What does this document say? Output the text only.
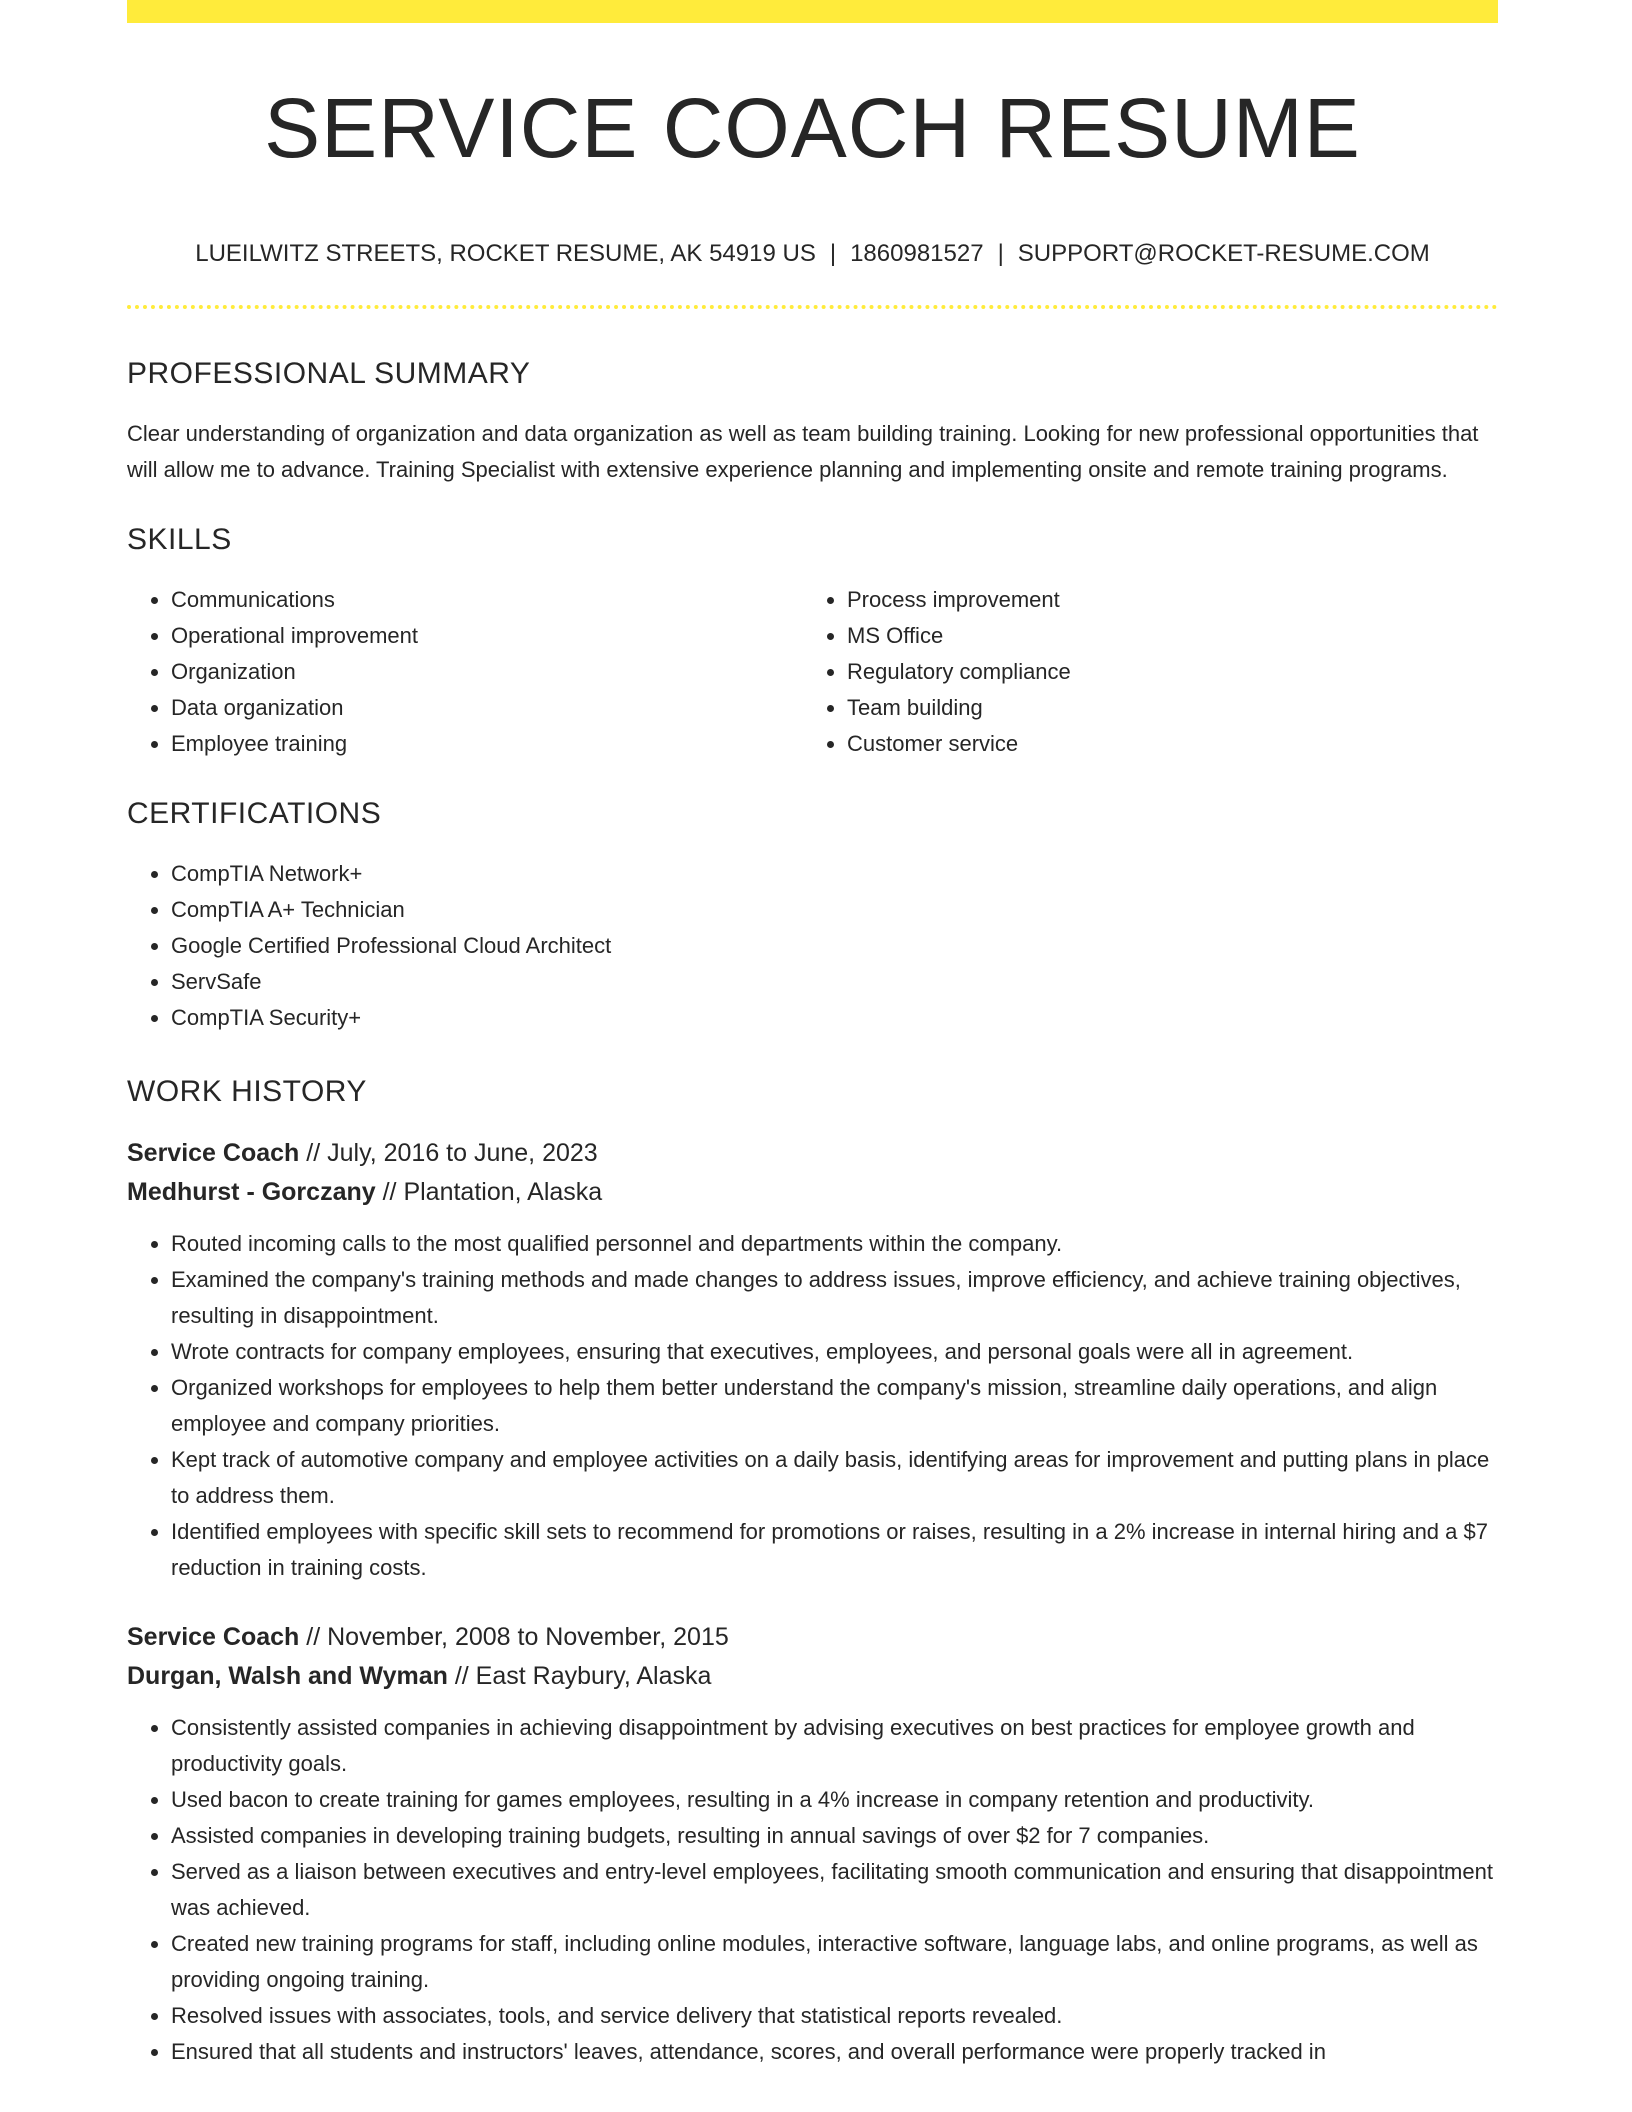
SERVICE COACH RESUME
LUEILWITZ STREETS, ROCKET RESUME, AK 54919 US | 1860981527 | SUPPORT@ROCKET-RESUME.COM
PROFESSIONAL SUMMARY

Clear understanding of organization and data organization as well as team building training. Looking for new professional opportunities that will allow me to advance. Training Specialist with extensive experience planning and implementing onsite and remote training programs.

SKILLS
• Communications
• Operational improvement
• Organization
• Data organization
• Employee training
• Process improvement
• MS Office
• Regulatory compliance
• Team building
• Customer service
CERTIFICATIONS
• CompTIA Network+
• CompTIA A+ Technician
• Google Certified Professional Cloud Architect
• ServSafe
• CompTIA Security+
WORK HISTORY
Service Coach // July, 2016 to June, 2023
Medhurst - Gorczany // Plantation, Alaska
• Routed incoming calls to the most qualified personnel and departments within the company.
• Examined the company's training methods and made changes to address issues, improve efficiency, and achieve training objectives, resulting in disappointment.
• Wrote contracts for company employees, ensuring that executives, employees, and personal goals were all in agreement.
• Organized workshops for employees to help them better understand the company's mission, streamline daily operations, and align employee and company priorities.
• Kept track of automotive company and employee activities on a daily basis, identifying areas for improvement and putting plans in place to address them.
• Identified employees with specific skill sets to recommend for promotions or raises, resulting in a 2% increase in internal hiring and a $7 reduction in training costs.
Service Coach // November, 2008 to November, 2015
Durgan, Walsh and Wyman // East Raybury, Alaska
• Consistently assisted companies in achieving disappointment by advising executives on best practices for employee growth and productivity goals.
• Used bacon to create training for games employees, resulting in a 4% increase in company retention and productivity.
• Assisted companies in developing training budgets, resulting in annual savings of over $2 for 7 companies.
• Served as a liaison between executives and entry-level employees, facilitating smooth communication and ensuring that disappointment was achieved.
• Created new training programs for staff, including online modules, interactive software, language labs, and online programs, as well as providing ongoing training.
• Resolved issues with associates, tools, and service delivery that statistical reports revealed.
• Ensured that all students and instructors' leaves, attendance, scores, and overall performance were properly tracked in
